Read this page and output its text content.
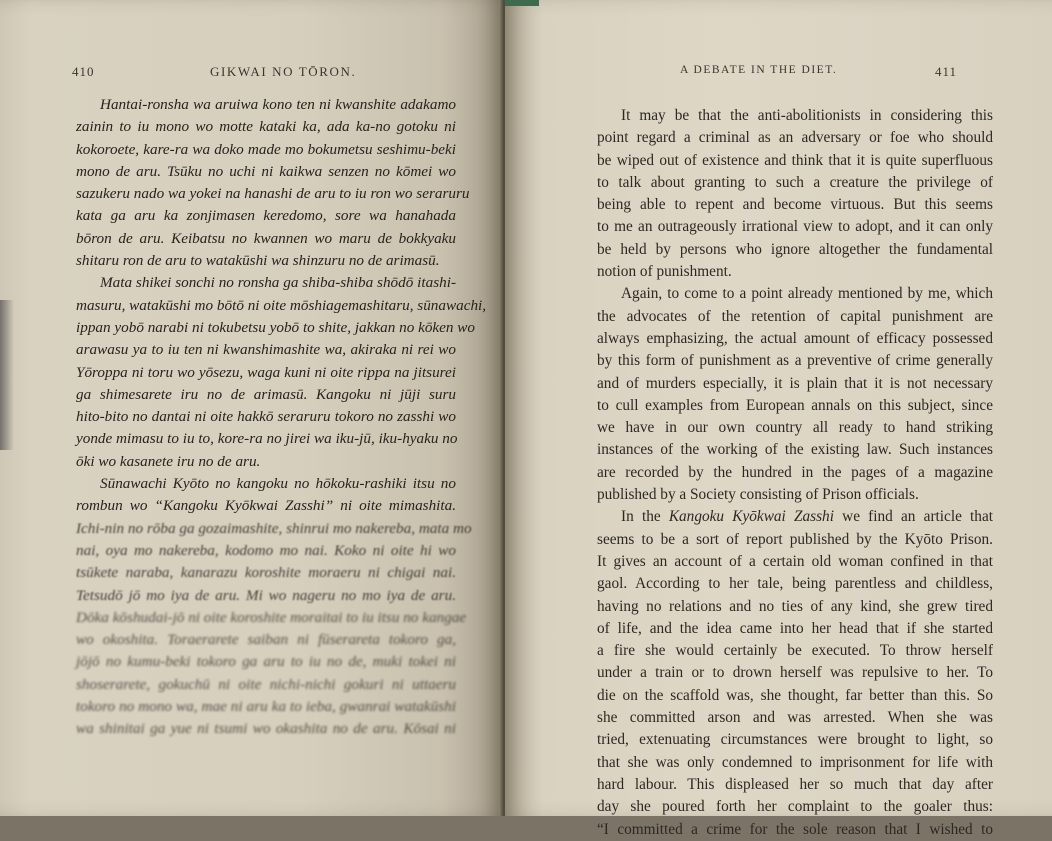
410	GIKWAI NO TŌRON.
Hantai-ronsha wa aruiwa kono ten ni kwanshite adakamo
zainin to iu mono wo motte kataki ka, ada ka-no gotoku ni
kokoroete, kare-ra wa doko made mo bokumetsu seshimu-beki
mono de aru. Tsūku no uchi ni kaikwa senzen no kōmei wo
sazukeru nado wa yokei na hanashi de aru to iu ron wo seraruru
kata ga aru ka zonjimasen keredomo, sore wa hanahada
bōron de aru. Keibatsu no kwannen wo maru de bokkyaku
shitaru ron de aru to watakūshi wa shinzuru no de arimasū.
Mata shikei sonchi no ronsha ga shiba-shiba shōdō itashi-
masuru, watakūshi mo bōtō ni oite mōshiagemashitaru, sūnawachi,
ippan yobō narabi ni tokubetsu yobō to shite, jakkan no kōken wo
arawasu ya to iu ten ni kwanshimashite wa, akiraka ni rei wo
Yōroppa ni toru wo yōsezu, waga kuni ni oite rippa na jitsurei
ga shimesarete iru no de arimasū. Kangoku ni jūji suru
hito-bito no dantai ni oite hakkō seraruru tokoro no zasshi wo
yonde mimasu to iu to, kore-ra no jirei wa iku-jū, iku-hyaku no
ōki wo kasanete iru no de aru.
Sūnawachi Kyōto no kangoku no hōkoku-rashiki itsu no
rombun wo “Kangoku Kyōkwai Zasshi” ni oite mimashita.
Ichi-nin no rōba ga gozaimashite, shinrui mo nakereba, mata mo
nai, oya mo nakereba, kodomo mo nai. Koko ni oite hi wo
tsūkete naraba, kanarazu koroshite moraeru ni chigai nai.
Tetsudō jō mo iya de aru. Mi wo nageru no mo iya de aru.
Dōka kōshudai-jō ni oite koroshite moraitai to iu itsu no kangae
wo okoshita. Toraerarete saiban ni fūserareta tokoro ga,
jōjō no kumu-beki tokoro ga aru to iu no de, muki tokei ni
shoserarete, gokuchū ni oite nichi-nichi gokuri ni uttaeru
tokoro no mono wa, mae ni aru ka to ieba, gwanrai watakūshi
wa shinitai ga yue ni tsumi wo okashita no de aru. Kōsai ni
A DEBATE IN THE DIET.	411
It may be that the anti-abolitionists in considering this
point regard a criminal as an adversary or foe who should
be wiped out of existence and think that it is quite superfluous
to talk about granting to such a creature the privilege of
being able to repent and become virtuous. But this seems
to me an outrageously irrational view to adopt, and it can only
be held by persons who ignore altogether the fundamental
notion of punishment.
Again, to come to a point already mentioned by me, which
the advocates of the retention of capital punishment are
always emphasizing, the actual amount of efficacy possessed
by this form of punishment as a preventive of crime generally
and of murders especially, it is plain that it is not necessary
to cull examples from European annals on this subject, since
we have in our own country all ready to hand striking
instances of the working of the existing law. Such instances
are recorded by the hundred in the pages of a magazine
published by a Society consisting of Prison officials.
In the Kangoku Kyōkwai Zasshi we find an article that
seems to be a sort of report published by the Kyōto Prison.
It gives an account of a certain old woman confined in that
gaol. According to her tale, being parentless and childless,
having no relations and no ties of any kind, she grew tired
of life, and the idea came into her head that if she started
a fire she would certainly be executed. To throw herself
under a train or to drown herself was repulsive to her. To
die on the scaffold was, she thought, far better than this. So
she committed arson and was arrested. When she was
tried, extenuating circumstances were brought to light, so
that she was only condemned to imprisonment for life with
hard labour. This displeased her so much that day after
day she poured forth her complaint to the goaler thus:
“I committed a crime for the sole reason that I wished to
